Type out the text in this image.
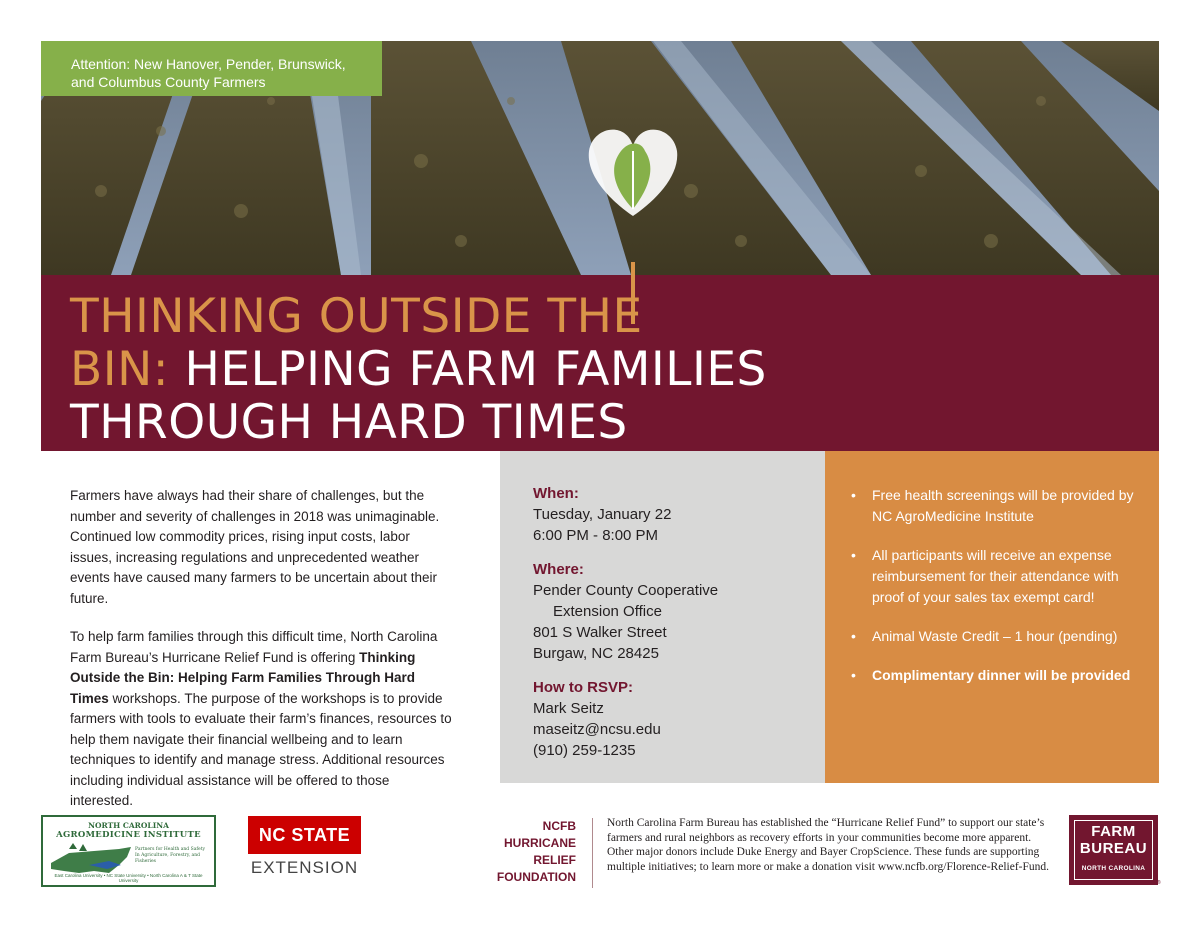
Attention: New Hanover, Pender, Brunswick,
and Columbus County Farmers
THINKING OUTSIDE THE
BIN: HELPING FARM FAMILIES
THROUGH HARD TIMES

Farmers have always had their share of challenges, but the number and severity of challenges in 2018 was unimaginable. Continued low commodity prices, rising input costs, labor issues, increasing regulations and unprecedented weather events have caused many farmers to be uncertain about their future.

To help farm families through this difficult time, North Carolina Farm Bureau’s Hurricane Relief Fund is offering Thinking Outside the Bin: Helping Farm Families Through Hard Times workshops. The purpose of the workshops is to provide farmers with tools to evaluate their farm’s finances, resources to help them navigate their financial wellbeing and to learn techniques to identify and manage stress. Additional resources including individual assistance will be offered to those interested.

When:
Tuesday, January 22
6:00 PM - 8:00 PM
Where:
Pender County Cooperative
Extension Office
801 S Walker Street
Burgaw, NC 28425
How to RSVP:
Mark Seitz
maseitz@ncsu.edu
(910) 259-1235
• Free health screenings will be provided by NC AgroMedicine Institute
• All participants will receive an expense reimbursement for their attendance with proof of your sales tax exempt card!
• Animal Waste Credit – 1 hour (pending)
• Complimentary dinner will be provided
NORTH CAROLINA
AGROMEDICINE INSTITUTE
Partners for Health and Safety In Agriculture, Forestry, and Fisheries
East Carolina University • NC State University • North Carolina A & T State University
NC STATE
EXTENSION
NCFB
HURRICANE
RELIEF
FOUNDATION
North Carolina Farm Bureau has established the “Hurricane Relief Fund” to support our state’s farmers and rural neighbors as recovery efforts in your communities become more apparent. Other major donors include Duke Energy and Bayer CropScience. These funds are supporting multiple initiatives; to learn more or make a donation visit www.ncfb.org/Florence-Relief-Fund.
FARM
BUREAU
NORTH CAROLINA
®
